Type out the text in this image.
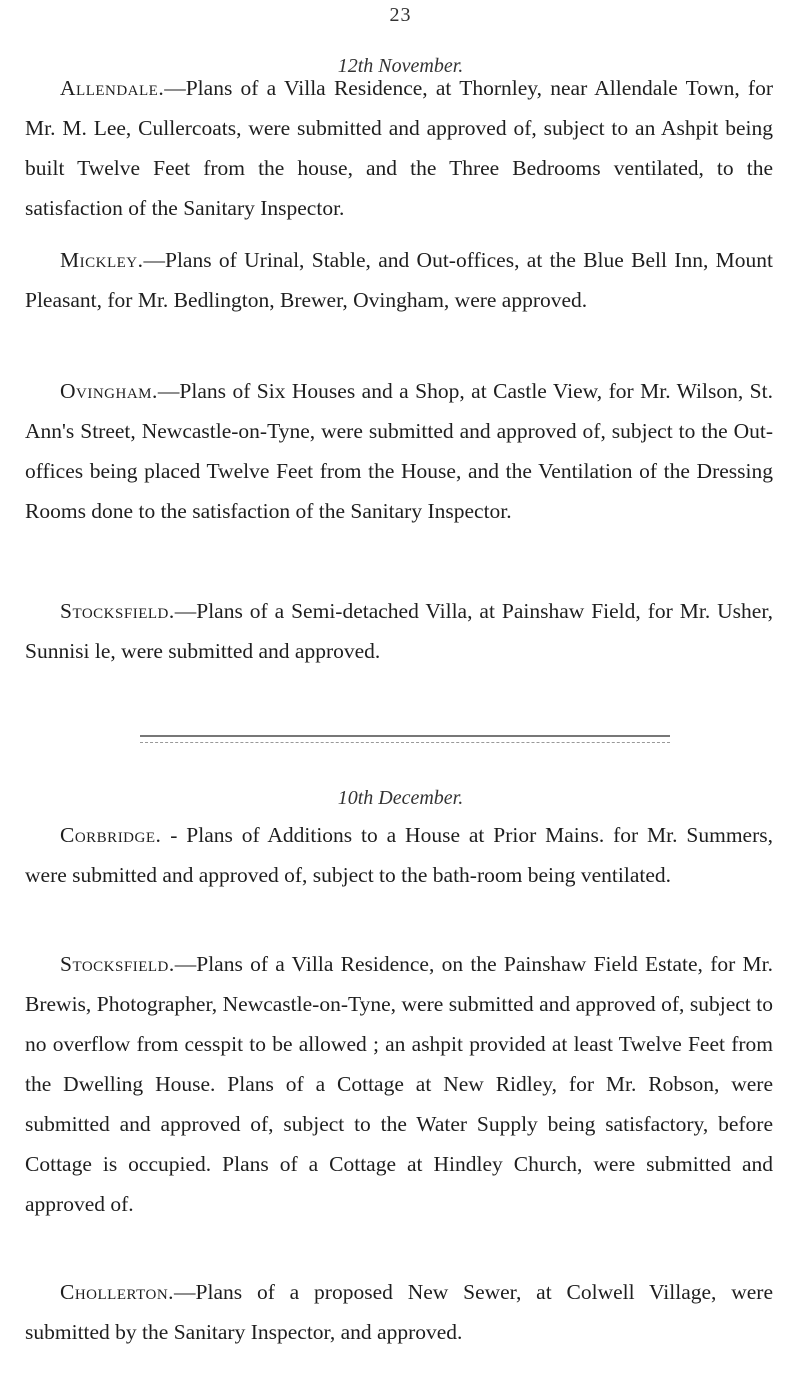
23
12th November.

Allendale.—Plans of a Villa Residence, at Thornley, near Allendale Town, for Mr. M. Lee, Cullercoats, were submitted and approved of, subject to an Ashpit being built Twelve Feet from the house, and the Three Bedrooms ventilated, to the satisfaction of the Sanitary Inspector.

Mickley.—Plans of Urinal, Stable, and Out-offices, at the Blue Bell Inn, Mount Pleasant, for Mr. Bedlington, Brewer, Ovingham, were approved.

Ovingham.—Plans of Six Houses and a Shop, at Castle View, for Mr. Wilson, St. Ann's Street, Newcastle-on-Tyne, were submitted and approved of, subject to the Out-offices being placed Twelve Feet from the House, and the Ventilation of the Dressing Rooms done to the satisfaction of the Sanitary Inspector.

Stocksfield.—Plans of a Semi-detached Villa, at Painshaw Field, for Mr. Usher, Sunnisi le, were submitted and approved.

10th December.

Corbridge. - Plans of Additions to a House at Prior Mains. for Mr. Summers, were submitted and approved of, subject to the bath-room being ventilated.

Stocksfield.—Plans of a Villa Residence, on the Painshaw Field Estate, for Mr. Brewis, Photographer, Newcastle-on-Tyne, were submitted and approved of, subject to no overflow from cesspit to be allowed ; an ashpit provided at least Twelve Feet from the Dwelling House. Plans of a Cottage at New Ridley, for Mr. Robson, were submitted and approved of, subject to the Water Supply being satisfactory, before Cottage is occupied. Plans of a Cottage at Hindley Church, were submitted and approved of.

Chollerton.—Plans of a proposed New Sewer, at Colwell Village, were submitted by the Sanitary Inspector, and approved.
